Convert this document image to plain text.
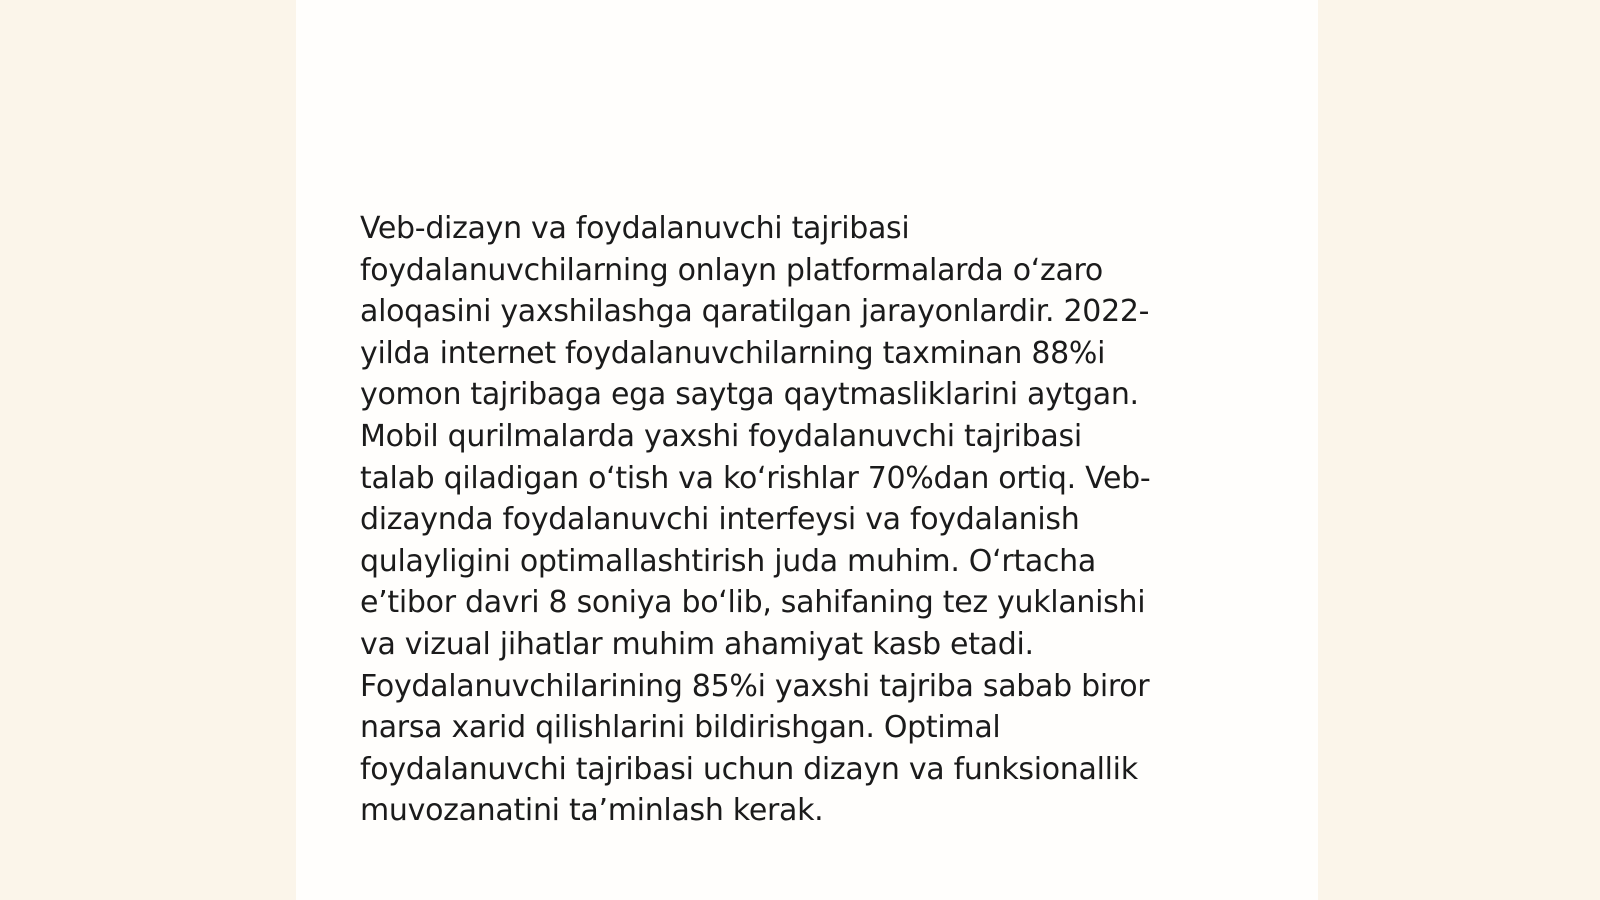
Veb-dizayn va foydalanuvchi tajribasi
foydalanuvchilarning onlayn platformalarda o‘zaro
aloqasini yaxshilashga qaratilgan jarayonlardir. 2022-
yilda internet foydalanuvchilarning taxminan 88%i
yomon tajribaga ega saytga qaytmasliklarini aytgan.
Mobil qurilmalarda yaxshi foydalanuvchi tajribasi
talab qiladigan o‘tish va ko‘rishlar 70%dan ortiq. Veb-
dizaynda foydalanuvchi interfeysi va foydalanish
qulayligini optimallashtirish juda muhim. O‘rtacha
e’tibor davri 8 soniya bo‘lib, sahifaning tez yuklanishi
va vizual jihatlar muhim ahamiyat kasb etadi.
Foydalanuvchilarining 85%i yaxshi tajriba sabab biror
narsa xarid qilishlarini bildirishgan. Optimal
foydalanuvchi tajribasi uchun dizayn va funksionallik
muvozanatini ta’minlash kerak.
